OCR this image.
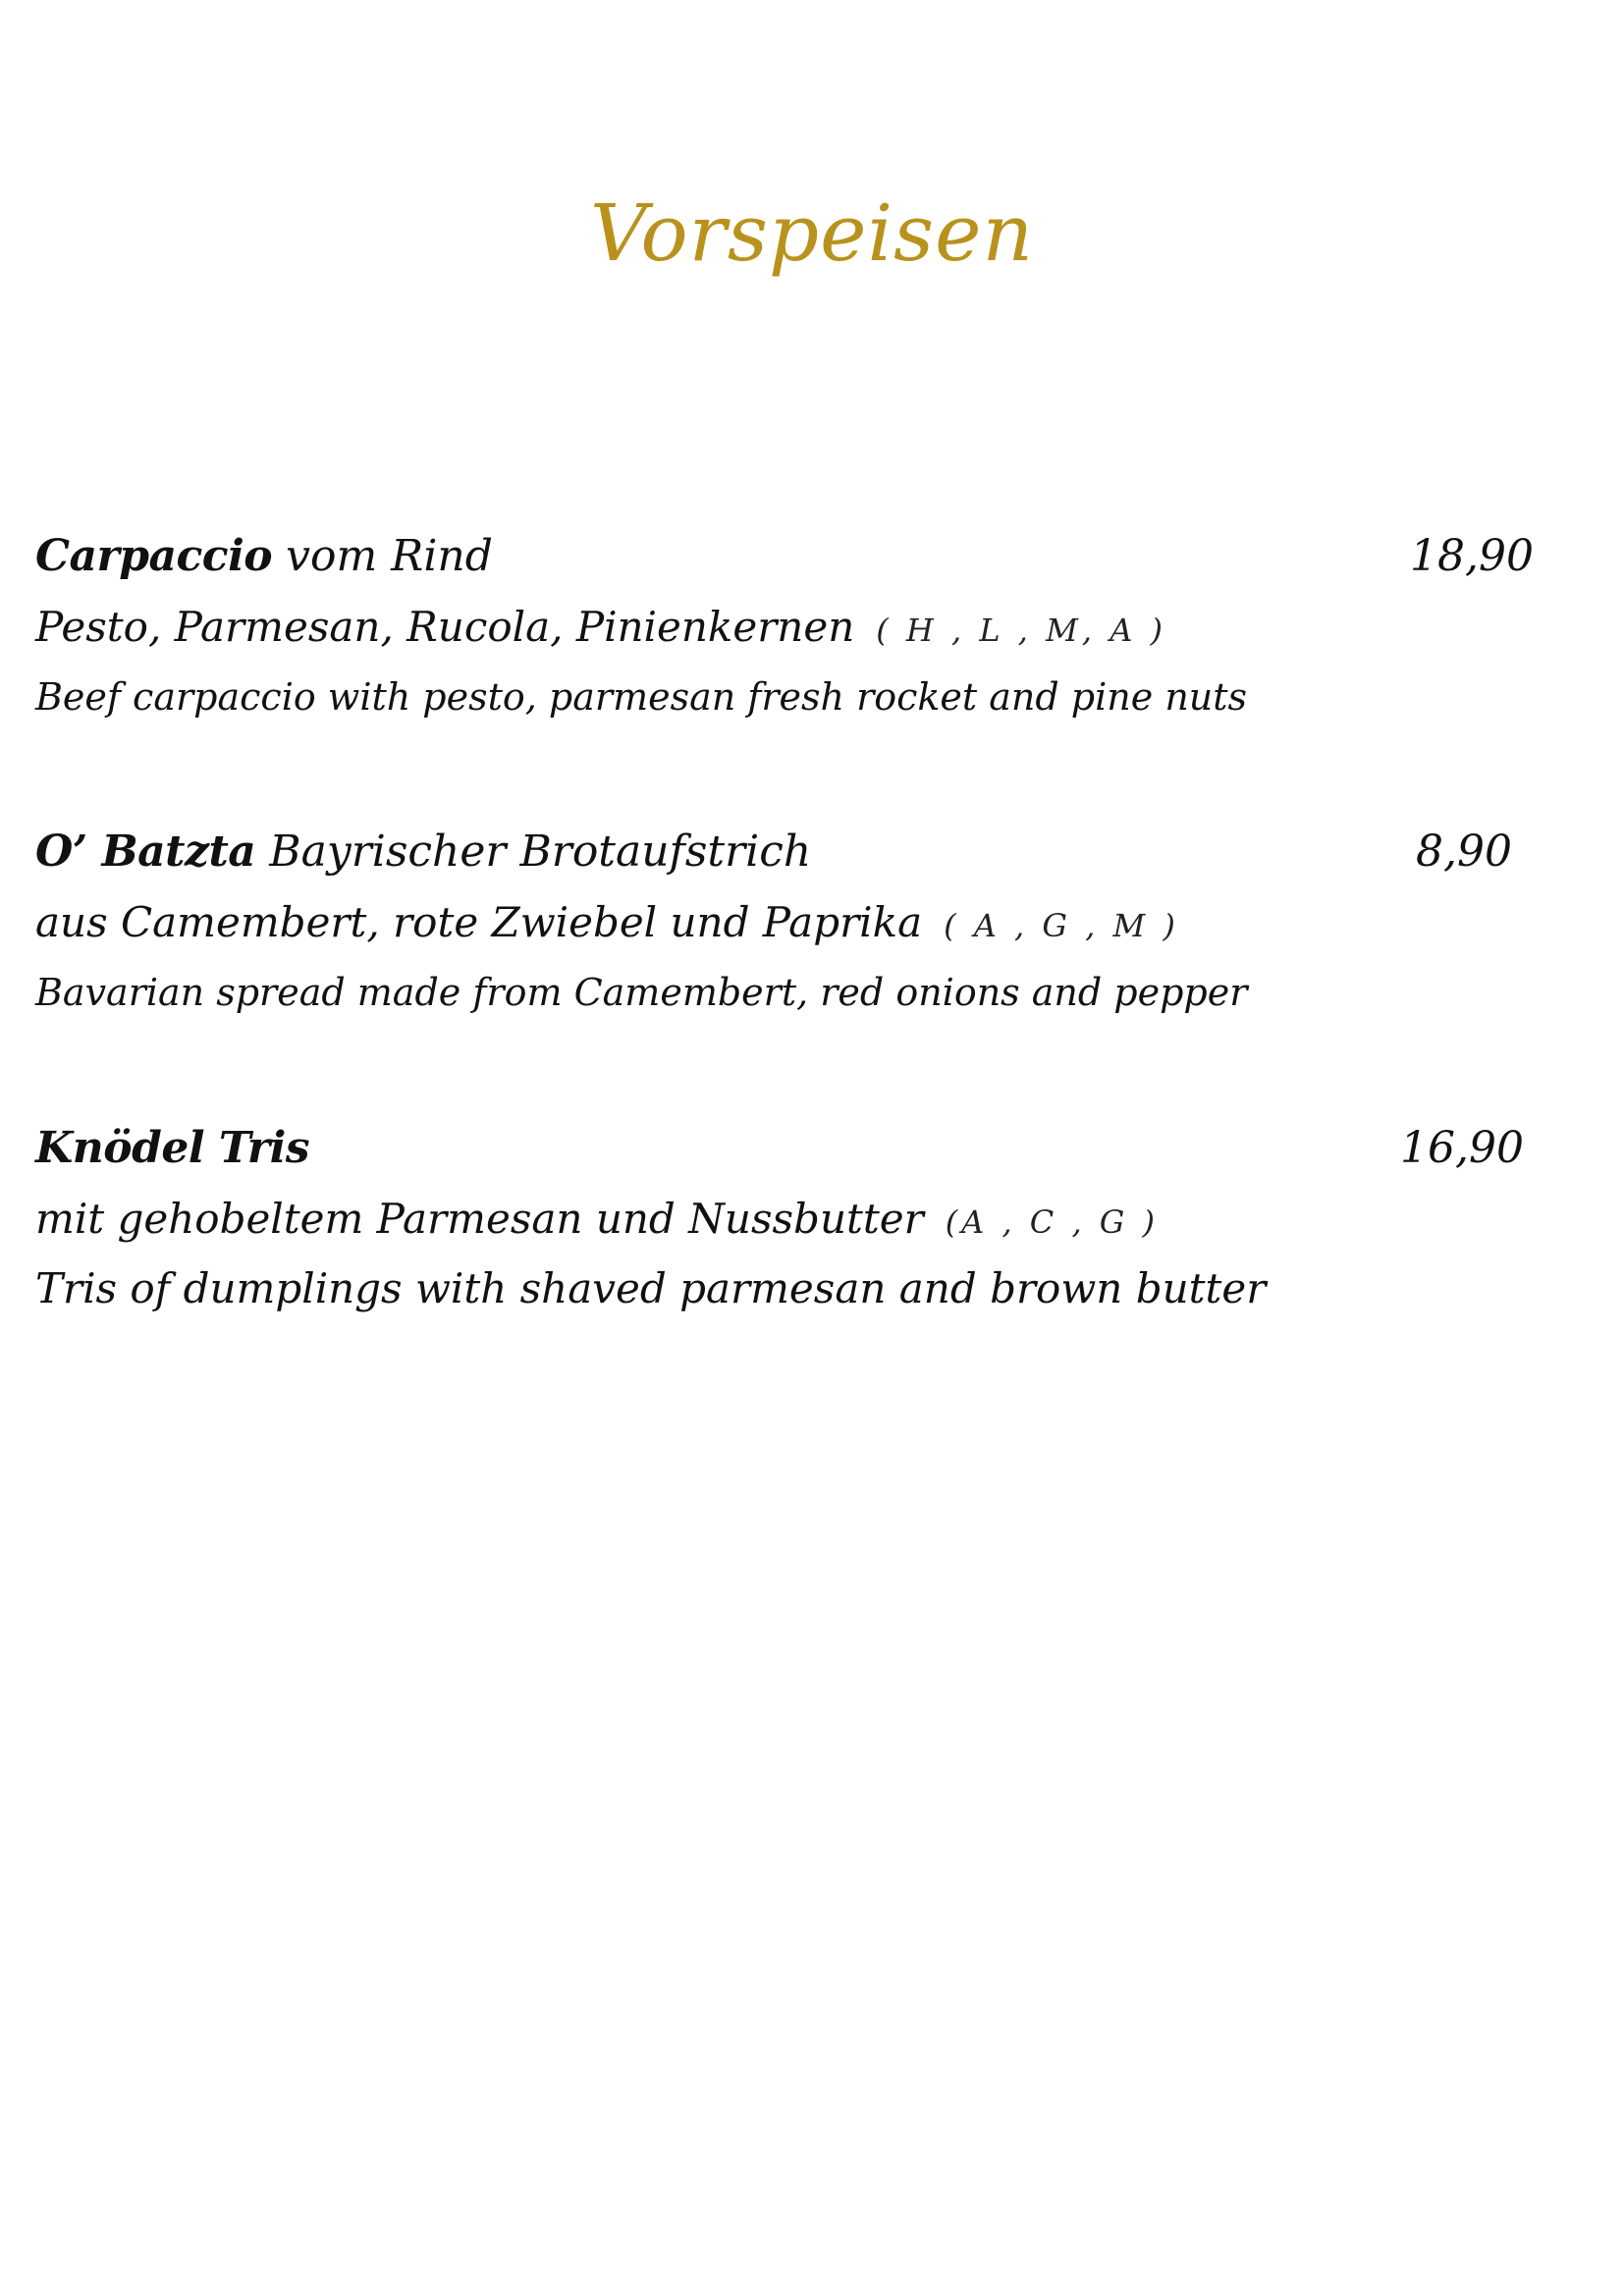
Vorspeisen
Carpaccio vom Rind	18,90
Pesto, Parmesan, Rucola, Pinienkernen ( H , L , M, A )
Beef carpaccio with pesto, parmesan fresh rocket and pine nuts
O’ Batzta Bayrischer Brotaufstrich	8,90
aus Camembert, rote Zwiebel und Paprika ( A , G , M )
Bavarian spread made from Camembert, red onions and pepper
Knödel Tris	16,90
mit gehobeltem Parmesan und Nussbutter (A , C , G )
Tris of dumplings with shaved parmesan and brown butter
